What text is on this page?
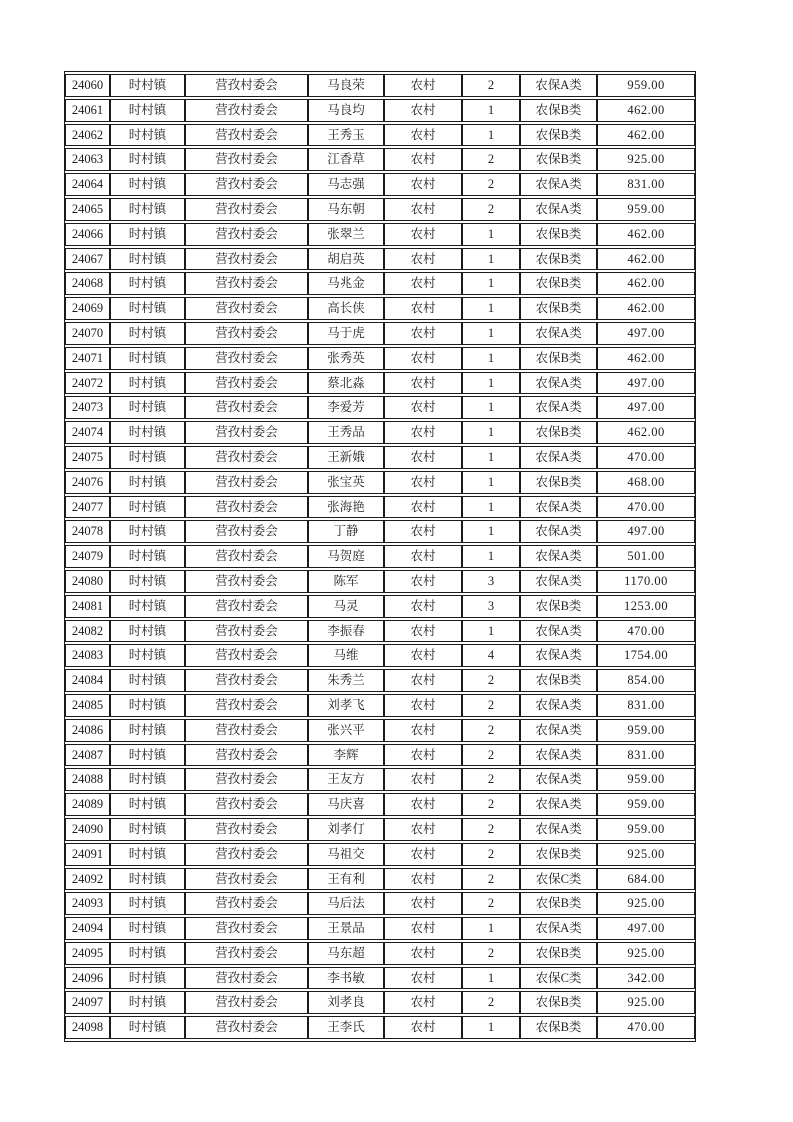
24060	时村镇	营孜村委会	马良荣	农村	2	农保A类	959.00
24061	时村镇	营孜村委会	马良均	农村	1	农保B类	462.00
24062	时村镇	营孜村委会	王秀玉	农村	1	农保B类	462.00
24063	时村镇	营孜村委会	江香草	农村	2	农保B类	925.00
24064	时村镇	营孜村委会	马志强	农村	2	农保A类	831.00
24065	时村镇	营孜村委会	马东朝	农村	2	农保A类	959.00
24066	时村镇	营孜村委会	张翠兰	农村	1	农保B类	462.00
24067	时村镇	营孜村委会	胡启英	农村	1	农保B类	462.00
24068	时村镇	营孜村委会	马兆金	农村	1	农保B类	462.00
24069	时村镇	营孜村委会	高长侠	农村	1	农保B类	462.00
24070	时村镇	营孜村委会	马于虎	农村	1	农保A类	497.00
24071	时村镇	营孜村委会	张秀英	农村	1	农保B类	462.00
24072	时村镇	营孜村委会	蔡北淼	农村	1	农保A类	497.00
24073	时村镇	营孜村委会	李爱芳	农村	1	农保A类	497.00
24074	时村镇	营孜村委会	王秀品	农村	1	农保B类	462.00
24075	时村镇	营孜村委会	王新娥	农村	1	农保A类	470.00
24076	时村镇	营孜村委会	张宝英	农村	1	农保B类	468.00
24077	时村镇	营孜村委会	张海艳	农村	1	农保A类	470.00
24078	时村镇	营孜村委会	丁静	农村	1	农保A类	497.00
24079	时村镇	营孜村委会	马贺庭	农村	1	农保A类	501.00
24080	时村镇	营孜村委会	陈军	农村	3	农保A类	1170.00
24081	时村镇	营孜村委会	马灵	农村	3	农保B类	1253.00
24082	时村镇	营孜村委会	李振春	农村	1	农保A类	470.00
24083	时村镇	营孜村委会	马维	农村	4	农保A类	1754.00
24084	时村镇	营孜村委会	朱秀兰	农村	2	农保B类	854.00
24085	时村镇	营孜村委会	刘孝飞	农村	2	农保A类	831.00
24086	时村镇	营孜村委会	张兴平	农村	2	农保A类	959.00
24087	时村镇	营孜村委会	李辉	农村	2	农保A类	831.00
24088	时村镇	营孜村委会	王友方	农村	2	农保A类	959.00
24089	时村镇	营孜村委会	马庆喜	农村	2	农保A类	959.00
24090	时村镇	营孜村委会	刘孝仃	农村	2	农保A类	959.00
24091	时村镇	营孜村委会	马祖交	农村	2	农保B类	925.00
24092	时村镇	营孜村委会	王有利	农村	2	农保C类	684.00
24093	时村镇	营孜村委会	马后法	农村	2	农保B类	925.00
24094	时村镇	营孜村委会	王景品	农村	1	农保A类	497.00
24095	时村镇	营孜村委会	马东超	农村	2	农保B类	925.00
24096	时村镇	营孜村委会	李书敏	农村	1	农保C类	342.00
24097	时村镇	营孜村委会	刘孝良	农村	2	农保B类	925.00
24098	时村镇	营孜村委会	王李氏	农村	1	农保B类	470.00
